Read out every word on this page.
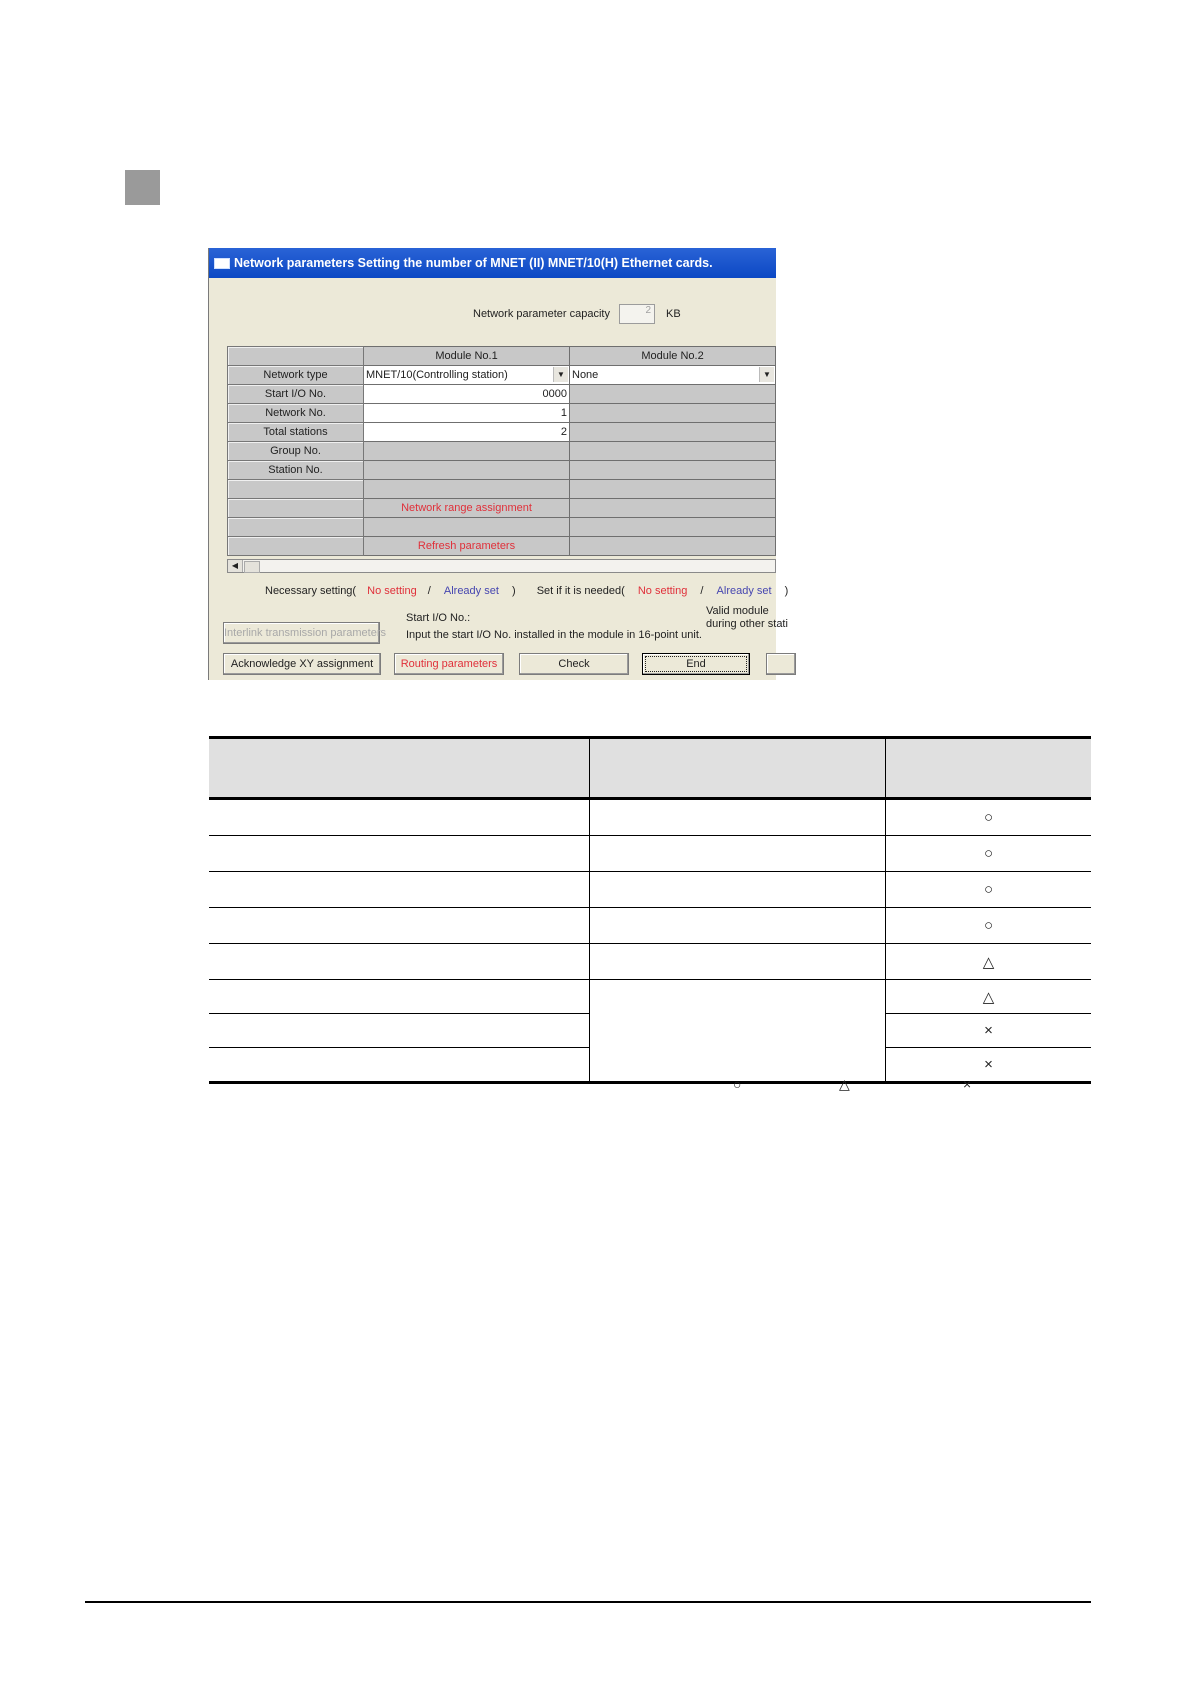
Network parameters Setting the number of MNET (II) MNET/10(H) Ethernet cards.
Network parameter capacity	2	KB
	Module No.1	Module No.2
Network type	MNET/10(Controlling station) ▼	None ▼

Start I/O No.	0000	
Network No.	1	
Total stations	2	
Group No.		
Station No.		

	Network range assignment	

	Refresh parameters	
◀
Necessary setting( No setting / Already set ) Set if it is needed( No setting / Already set )
Start I/O No.:
Input the start I/O No. installed in the module in 16-point unit.
Valid module
during other stati
Interlink transmission parameters
Acknowledge XY assignment	Routing parameters	Check	End

		○
		○
		○
		○
		△
		△
		×
		×
○	△	×
